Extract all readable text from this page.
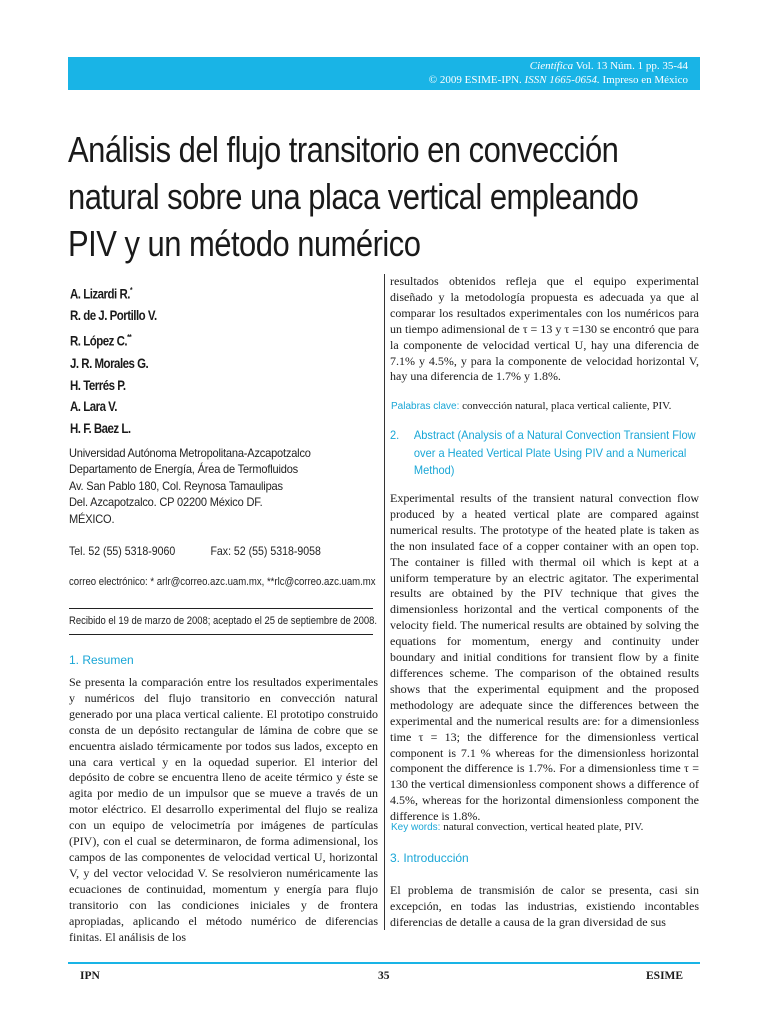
Científica Vol. 13 Núm. 1 pp. 35-44
© 2009 ESIME-IPN. ISSN 1665-0654. Impreso en México
Análisis del flujo transitorio en convección
natural sobre una placa vertical empleando
PIV y un método numérico
A. Lizardi R.*
R. de J. Portillo V.
R. López C.**
J. R. Morales G.
H. Terrés P.
A. Lara V.
H. F. Baez L.
Universidad Autónoma Metropolitana-Azcapotzalco
Departamento de Energía, Área de Termofluidos
Av. San Pablo 180, Col. Reynosa Tamaulipas
Del. Azcapotzalco. CP 02200 México DF.
MÉXICO.
Tel. 52 (55) 5318-9060	Fax: 52 (55) 5318-9058
correo electrónico: * arlr@correo.azc.uam.mx, **rlc@correo.azc.uam.mx
Recibido el 19 de marzo de 2008; aceptado el 25 de septiembre de 2008.
1. Resumen

Se presenta la comparación entre los resultados experimentales y numéricos del flujo transitorio en convección natural generado por una placa vertical caliente. El prototipo construido consta de un depósito rectangular de lámina de cobre que se encuentra aislado térmicamente por todos sus lados, excepto en una cara vertical y en la oquedad superior. El interior del depósito de cobre se encuentra lleno de aceite térmico y éste se agita por medio de un impulsor que se mueve a través de un motor eléctrico. El desarrollo experimental del flujo se realiza con un equipo de velocimetría por imágenes de partículas (PIV), con el cual se determinaron, de forma adimensional, los campos de las componentes de velocidad vertical U, horizontal V, y del vector velocidad V. Se resolvieron numéricamente las ecuaciones de continuidad, momentum y energía para flujo transitorio con las condiciones iniciales y de frontera apropiadas, aplicando el método numérico de diferencias finitas. El análisis de los

resultados obtenidos refleja que el equipo experimental diseñado y la metodología propuesta es adecuada ya que al comparar los resultados experimentales con los numéricos para un tiempo adimensional de τ = 13 y τ =130 se encontró que para la componente de velocidad vertical U, hay una diferencia de 7.1% y 4.5%, y para la componente de velocidad horizontal V, hay una diferencia de 1.7% y 1.8%.

Palabras clave: convección natural, placa vertical caliente, PIV.
2.	Abstract (Analysis of a Natural Convection Transient Flow over a Heated Vertical Plate Using PIV and a Numerical Method)

Experimental results of the transient natural convection flow produced by a heated vertical plate are compared against numerical results. The prototype of the heated plate is taken as the non insulated face of a copper container with an open top. The container is filled with thermal oil which is kept at a uniform temperature by an electric agitator. The experimental results are obtained by the PIV technique that gives the dimensionless horizontal and the vertical components of the velocity field. The numerical results are obtained by solving the equations for momentum, energy and continuity under boundary and initial conditions for transient flow by a finite differences scheme. The comparison of the obtained results shows that the experimental equipment and the proposed methodology are adequate since the differences between the experimental and the numerical results are: for a dimensionless time τ = 13; the difference for the dimensionless vertical component is 7.1 % whereas for the dimensionless horizontal component the difference is 1.7%. For a dimensionless time τ = 130 the vertical dimensionless component shows a difference of 4.5%, whereas for the horizontal dimensionless component the difference is 1.8%.

Key words: natural convection, vertical heated plate, PIV.
3. Introducción

El problema de transmisión de calor se presenta, casi sin excepción, en todas las industrias, existiendo incontables diferencias de detalle a causa de la gran diversidad de sus

IPN	35	ESIME
